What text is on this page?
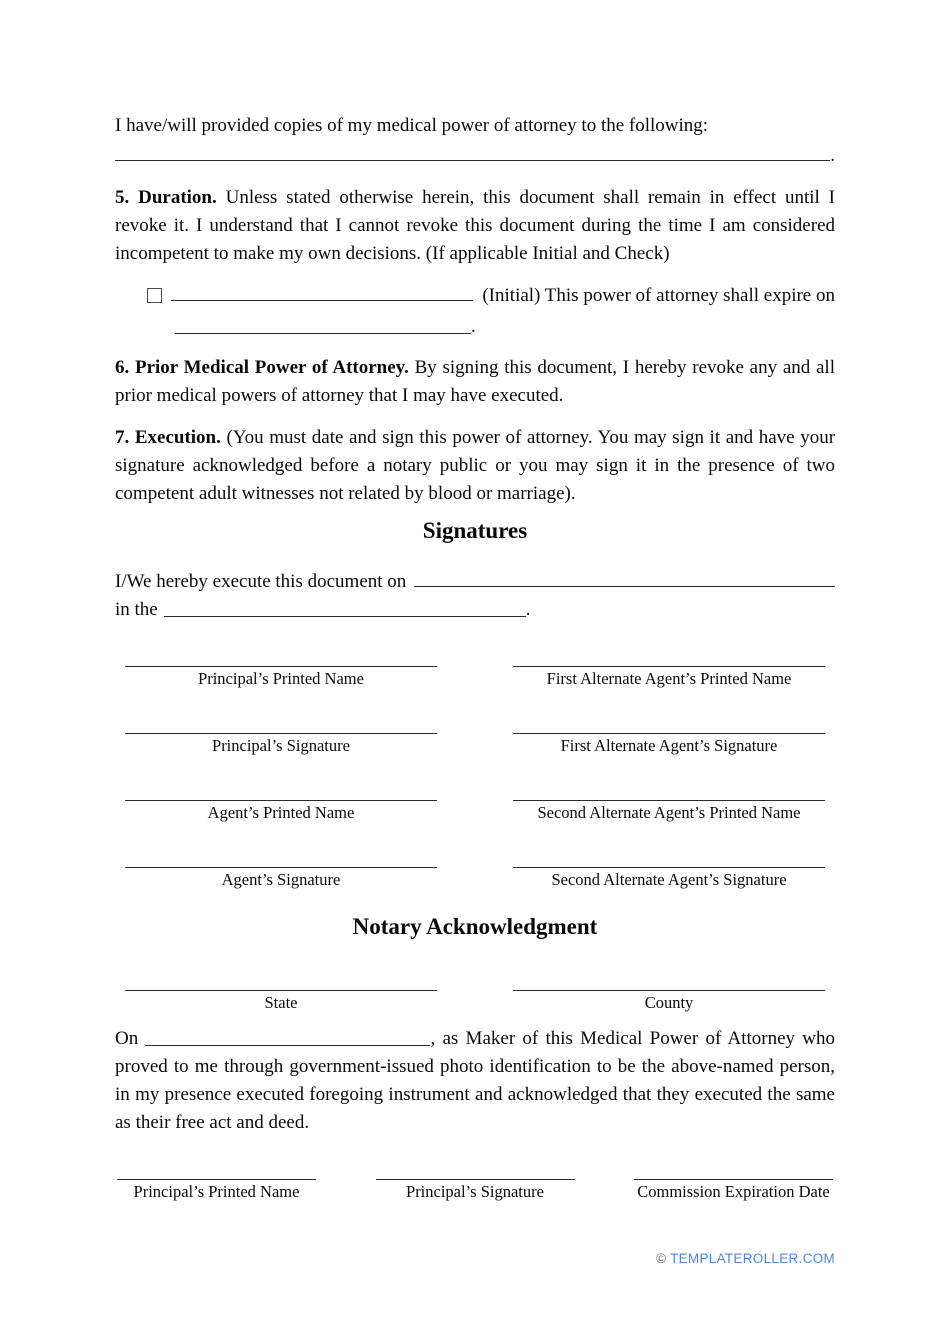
I have/will provided copies of my medical power of attorney to the following:

.

5. Duration. Unless stated otherwise herein, this document shall remain in effect until I revoke it. I understand that I cannot revoke this document during the time I am considered incompetent to make my own decisions. (If applicable Initial and Check)

(Initial) This power of attorney shall expire on
.

6. Prior Medical Power of Attorney. By signing this document, I hereby revoke any and all prior medical powers of attorney that I may have executed.

7. Execution. (You must date and sign this power of attorney. You may sign it and have your signature acknowledged before a notary public or you may sign it in the presence of two competent adult witnesses not related by blood or marriage).

Signatures
I/We hereby execute this document on
in the	.
Principal’s Printed Name	First Alternate Agent’s Printed Name
Principal’s Signature	First Alternate Agent’s Signature
Agent’s Printed Name	Second Alternate Agent’s Printed Name
Agent’s Signature	Second Alternate Agent’s Signature
Notary Acknowledgment
State	County

On	, as Maker of this Medical Power of Attorney who proved to me through government-issued photo identification to be the above-named person, in my presence executed foregoing instrument and acknowledged that they executed the same as their free act and deed.

Principal’s Printed Name	Principal’s Signature	Commission Expiration Date
© TEMPLATEROLLER.COM
